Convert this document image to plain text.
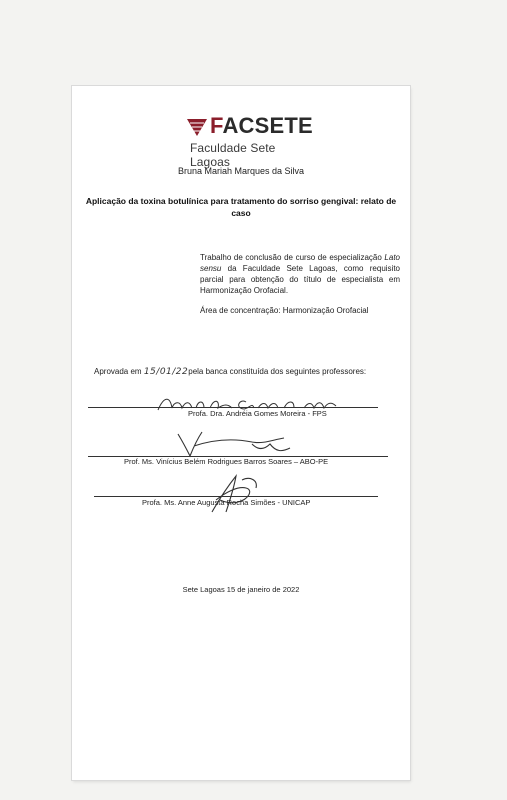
FACSETE
Faculdade Sete Lagoas
Bruna Mariah Marques da Silva
Aplicação da toxina botulínica para tratamento do sorriso gengival: relato de caso
Trabalho de conclusão de curso de especialização Lato sensu da Faculdade Sete Lagoas, como requisito parcial para obtenção do título de especialista em Harmonização Orofacial.
Área de concentração: Harmonização Orofacial
Aprovada em 15/01/22pela banca constituída dos seguintes professores:
Profa. Dra. Andréia Gomes Moreira - FPS
Prof. Ms. Vinícius Belém Rodrigues Barros Soares – ABO-PE
Profa. Ms. Anne Augusta Rocha Simões - UNICAP
Sete Lagoas 15 de janeiro de 2022
